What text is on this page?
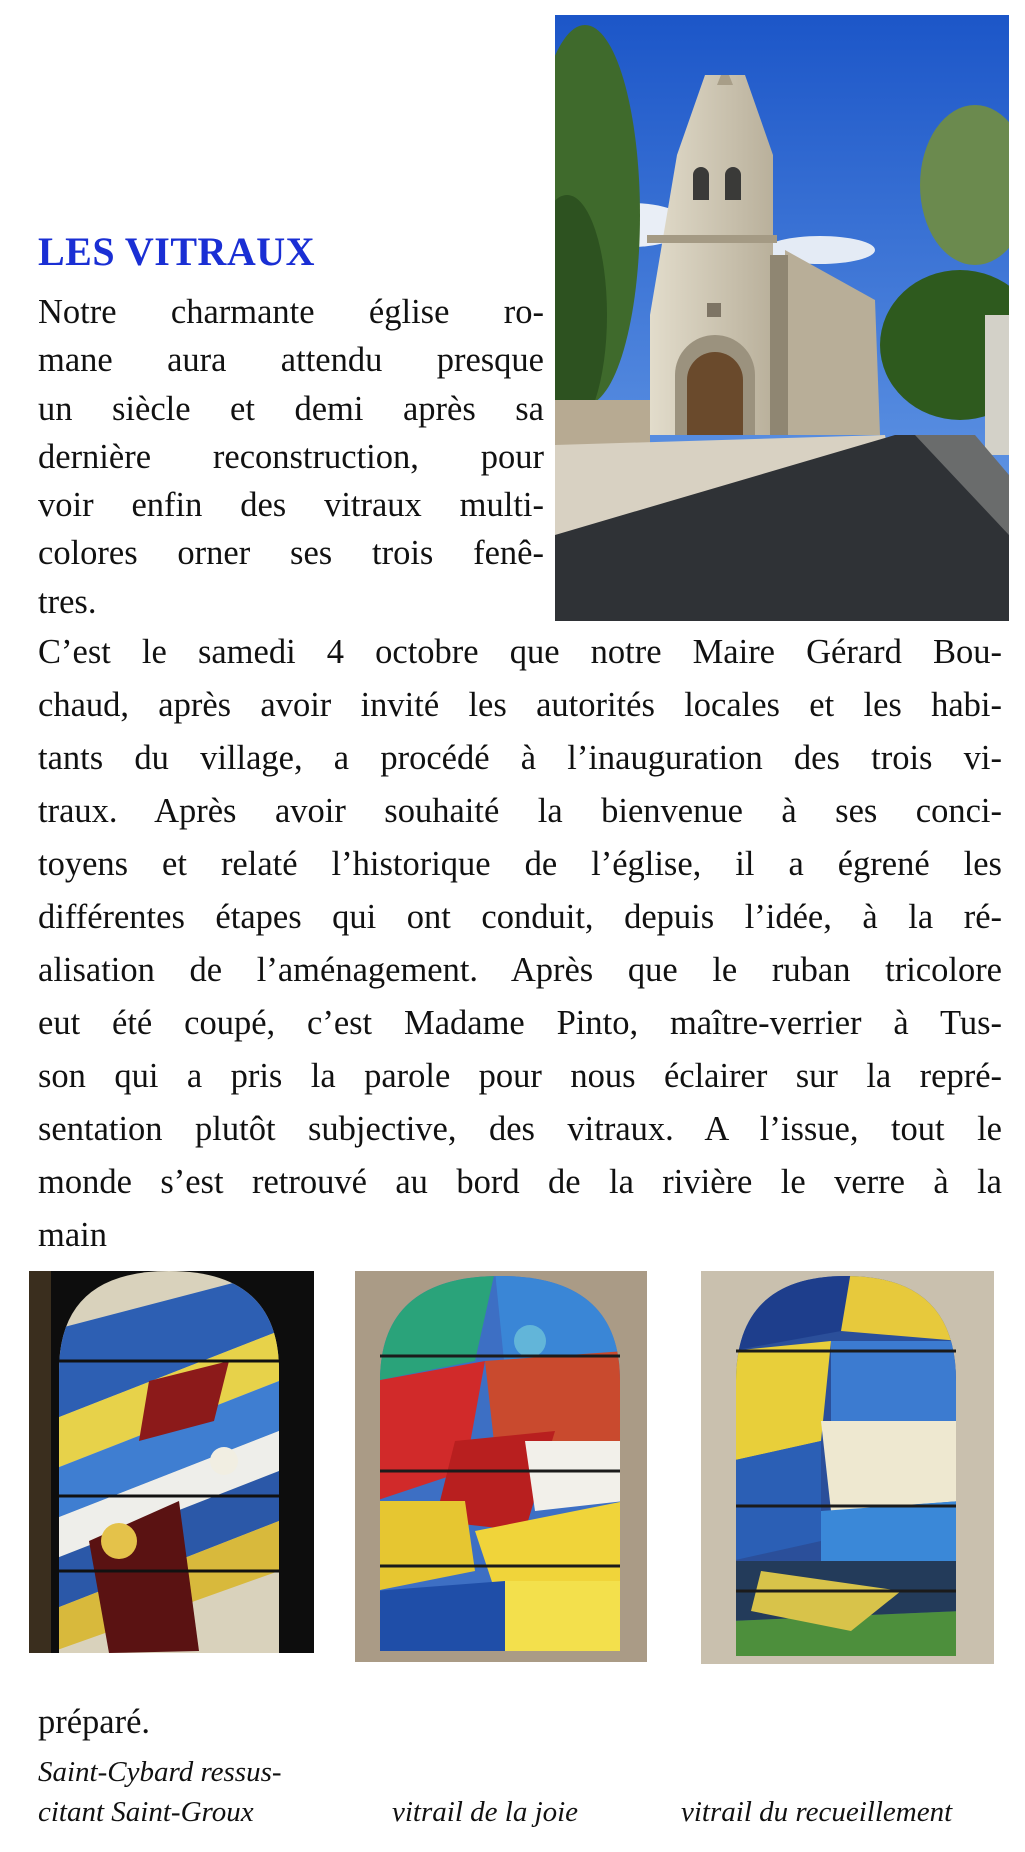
LES VITRAUX
Notre charmante église ro-
mane aura attendu presque
un siècle et demi après sa
dernière reconstruction, pour
voir enfin des vitraux multi-
colores orner ses trois fenê-
tres.
C’est le samedi 4 octobre que notre Maire Gérard Bou-
chaud, après avoir invité les autorités locales et les habi-
tants du village, a procédé à l’inauguration des trois vi-
traux. Après avoir souhaité la bienvenue à ses conci-
toyens et relaté l’historique de l’église, il a égrené les
différentes étapes qui ont conduit, depuis l’idée, à la ré-
alisation de l’aménagement. Après que le ruban tricolore
eut été coupé, c’est Madame Pinto, maître-verrier à Tus-
son qui a pris la parole pour nous éclairer sur la repré-
sentation plutôt subjective, des vitraux. A l’issue, tout le
monde s’est retrouvé au bord de la rivière le verre à la
main
préparé.
Saint-Cybard ressus-
citant Saint-Groux	vitrail de la joie	vitrail du recueillement
